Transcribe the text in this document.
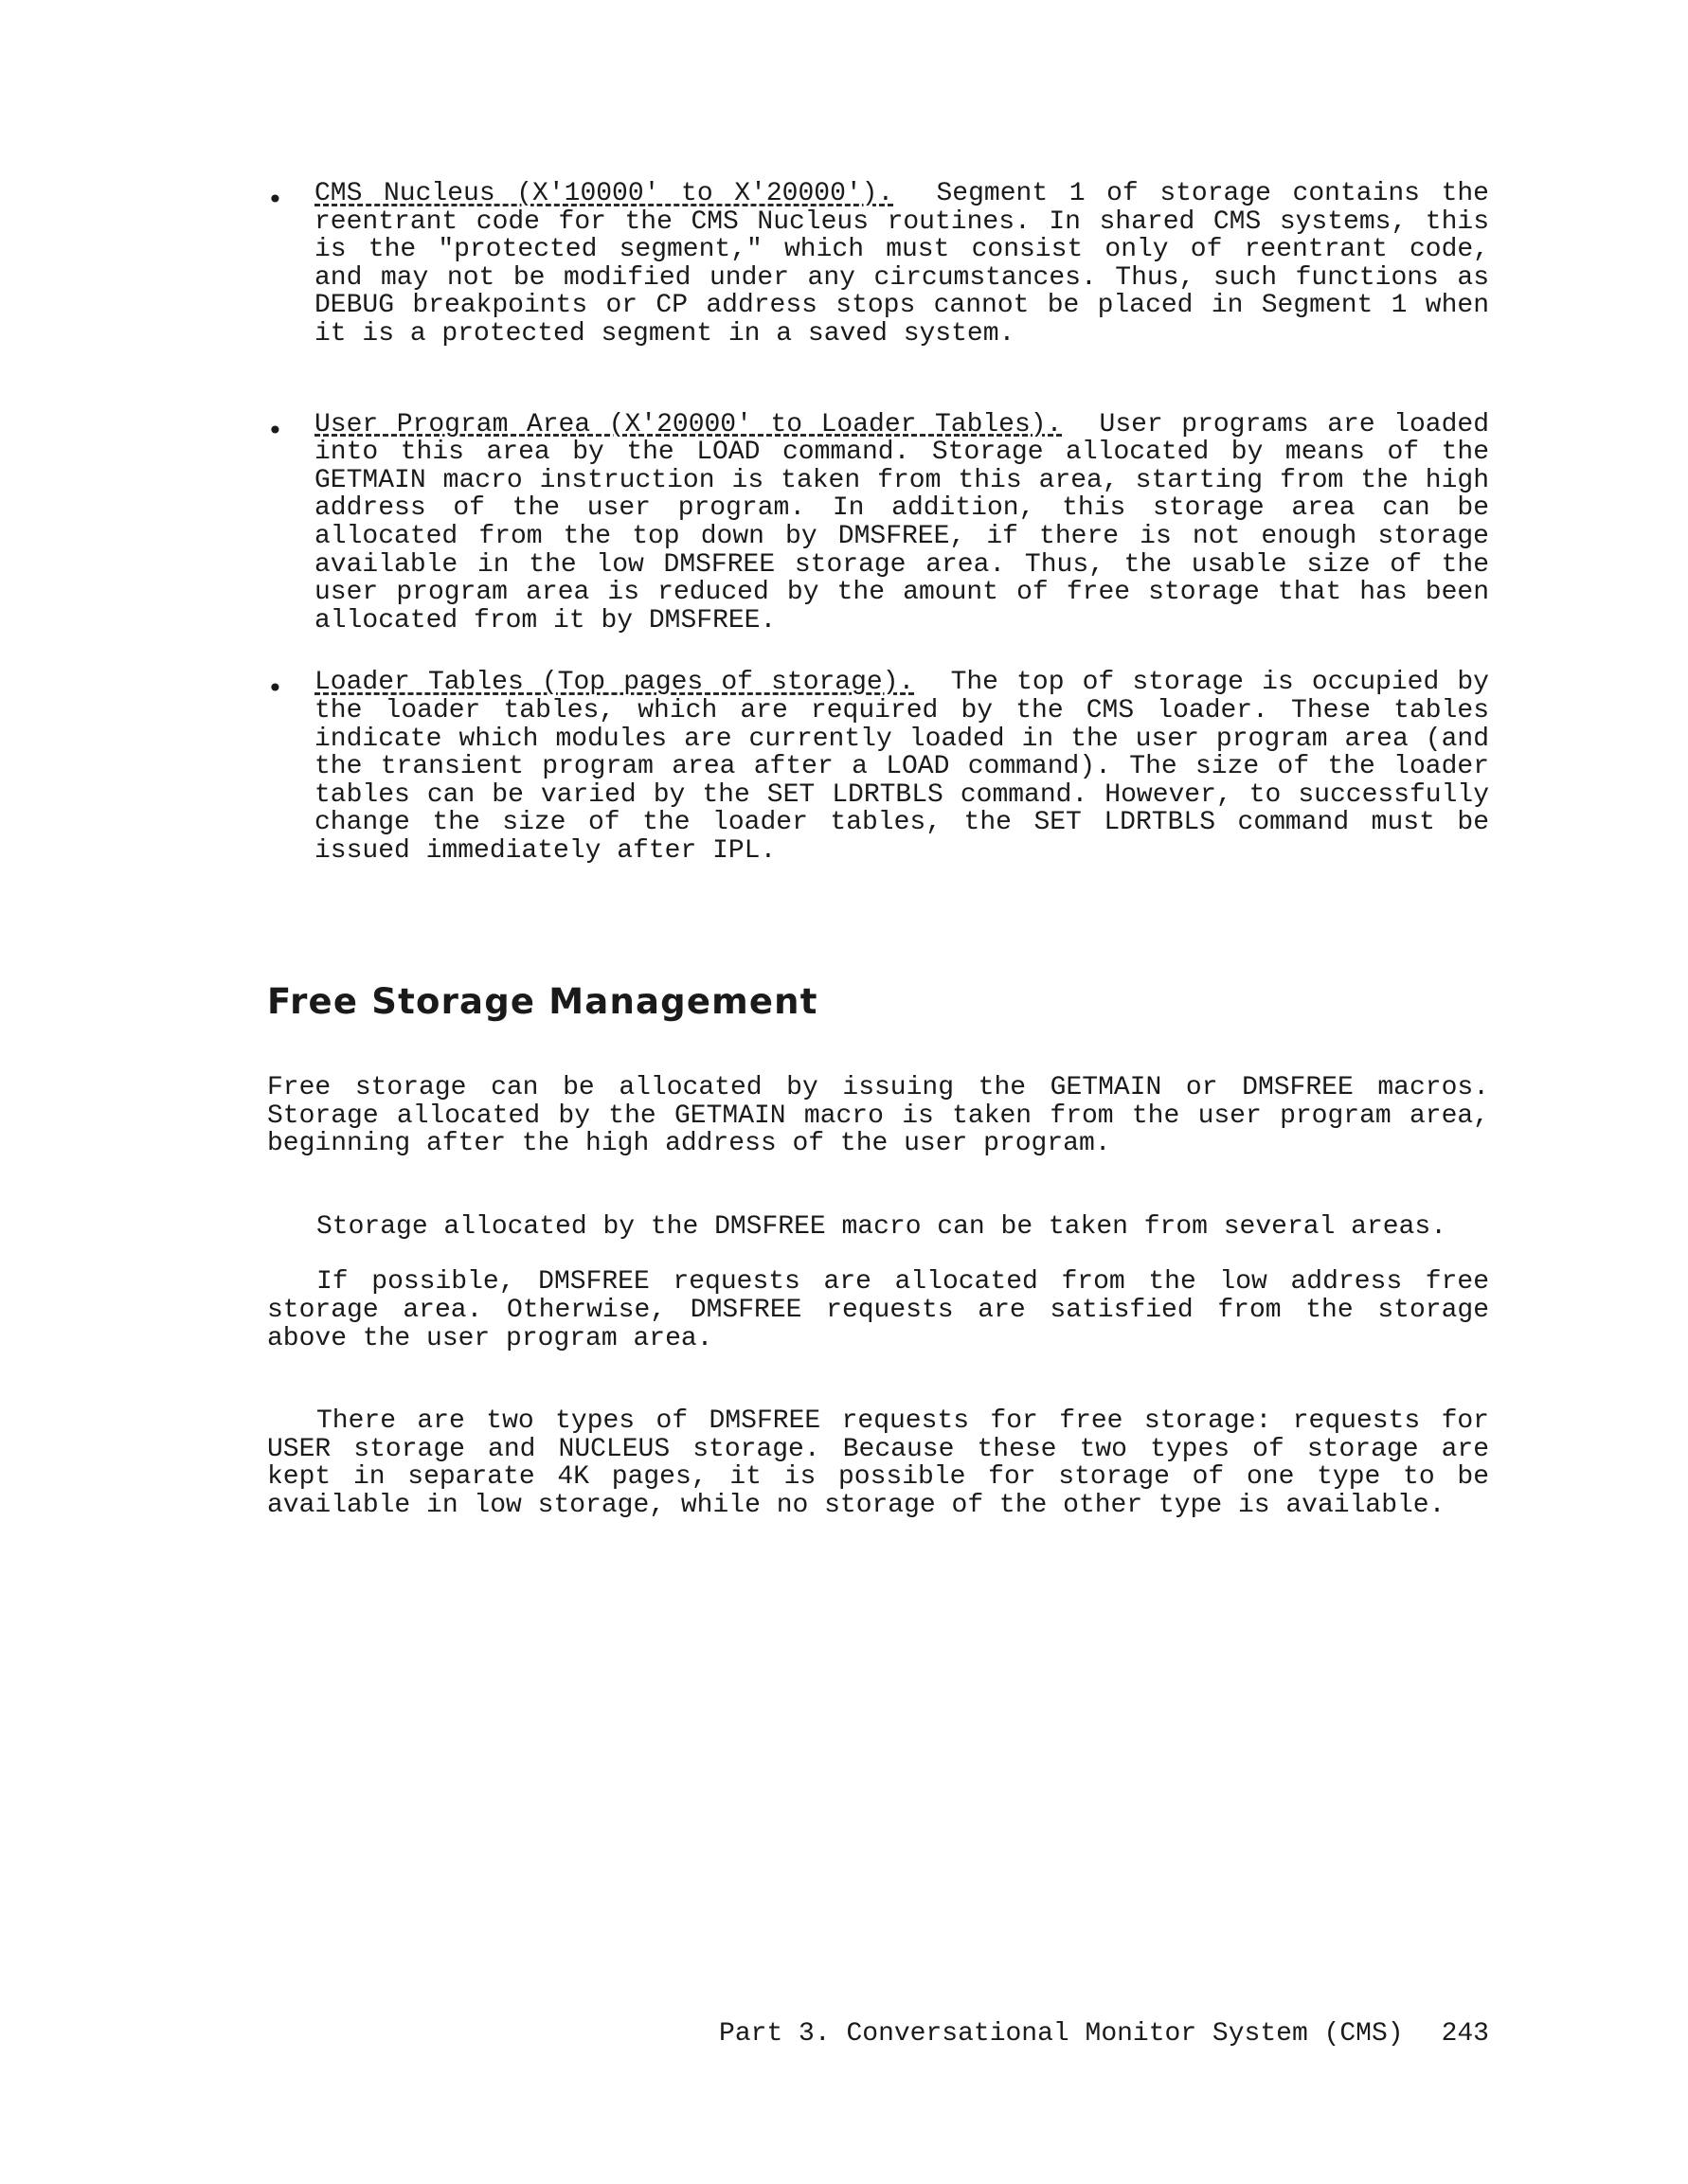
• CMS Nucleus (X'10000' to X'20000'). Segment 1 of storage contains the reentrant code for the CMS Nucleus routines. In shared CMS systems, this is the "protected segment," which must consist only of reentrant code, and may not be modified under any circumstances. Thus, such functions as DEBUG breakpoints or CP address stops cannot be placed in Segment 1 when it is a protected segment in a saved system.

• User Program Area (X'20000' to Loader Tables). User programs are loaded into this area by the LOAD command. Storage allocated by means of the GETMAIN macro instruction is taken from this area, starting from the high address of the user program. In addition, this storage area can be allocated from the top down by DMSFREE, if there is not enough storage available in the low DMSFREE storage area. Thus, the usable size of the user program area is reduced by the amount of free storage that has been allocated from it by DMSFREE.

• Loader Tables (Top pages of storage). The top of storage is occupied by the loader tables, which are required by the CMS loader. These tables indicate which modules are currently loaded in the user program area (and the transient program area after a LOAD command). The size of the loader tables can be varied by the SET LDRTBLS command. However, to successfully change the size of the loader tables, the SET LDRTBLS command must be issued immediately after IPL.

Free Storage Management

Free storage can be allocated by issuing the GETMAIN or DMSFREE macros. Storage allocated by the GETMAIN macro is taken from the user program area, beginning after the high address of the user program.

Storage allocated by the DMSFREE macro can be taken from several areas.

If possible, DMSFREE requests are allocated from the low address free storage area. Otherwise, DMSFREE requests are satisfied from the storage above the user program area.

There are two types of DMSFREE requests for free storage: requests for USER storage and NUCLEUS storage. Because these two types of storage are kept in separate 4K pages, it is possible for storage of one type to be available in low storage, while no storage of the other type is available.

Part 3. Conversational Monitor System (CMS) 243
